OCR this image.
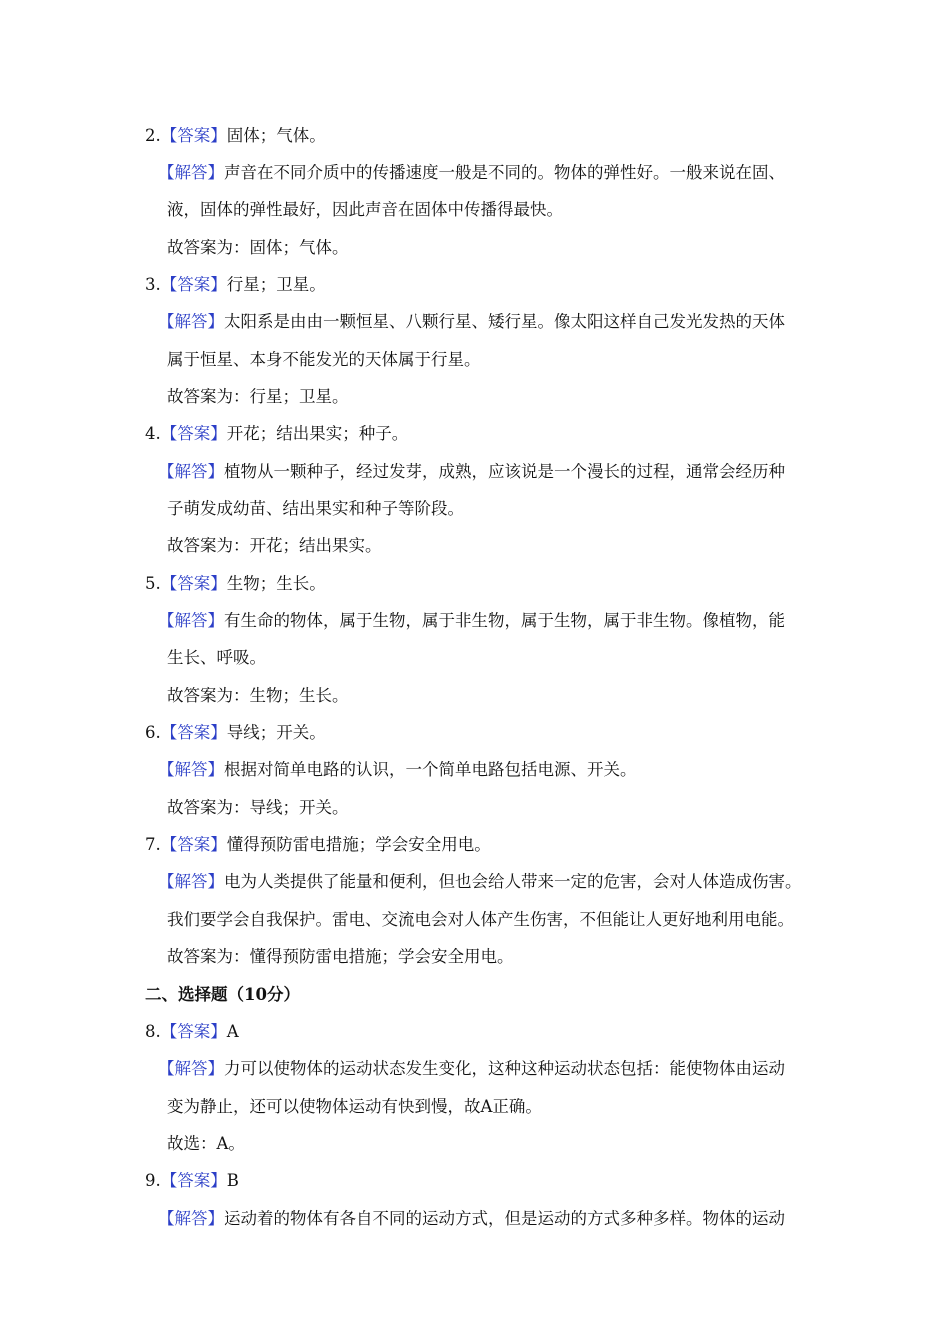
2.【答案】固体；气体。
【解答】声音在不同介质中的传播速度一般是不同的。物体的弹性好。一般来说在固、
液，固体的弹性最好，因此声音在固体中传播得最快。
故答案为：固体；气体。
3.【答案】行星；卫星。
【解答】太阳系是由由一颗恒星、八颗行星、矮行星。像太阳这样自己发光发热的天体
属于恒星、本身不能发光的天体属于行星。
故答案为：行星；卫星。
4.【答案】开花；结出果实；种子。
【解答】植物从一颗种子，经过发芽，成熟，应该说是一个漫长的过程，通常会经历种
子萌发成幼苗、结出果实和种子等阶段。
故答案为：开花；结出果实。
5.【答案】生物；生长。
【解答】有生命的物体，属于生物，属于非生物，属于生物，属于非生物。像植物，能
生长、呼吸。
故答案为：生物；生长。
6.【答案】导线；开关。
【解答】根据对简单电路的认识，一个简单电路包括电源、开关。
故答案为：导线；开关。
7.【答案】懂得预防雷电措施；学会安全用电。
【解答】电为人类提供了能量和便利，但也会给人带来一定的危害，会对人体造成伤害。
我们要学会自我保护。雷电、交流电会对人体产生伤害，不但能让人更好地利用电能。
故答案为：懂得预防雷电措施；学会安全用电。
二、选择题（10分）
8.【答案】A
【解答】力可以使物体的运动状态发生变化，这种这种运动状态包括：能使物体由运动
变为静止，还可以使物体运动有快到慢，故A正确。
故选：A。
9.【答案】B
【解答】运动着的物体有各自不同的运动方式，但是运动的方式多种多样。物体的运动
